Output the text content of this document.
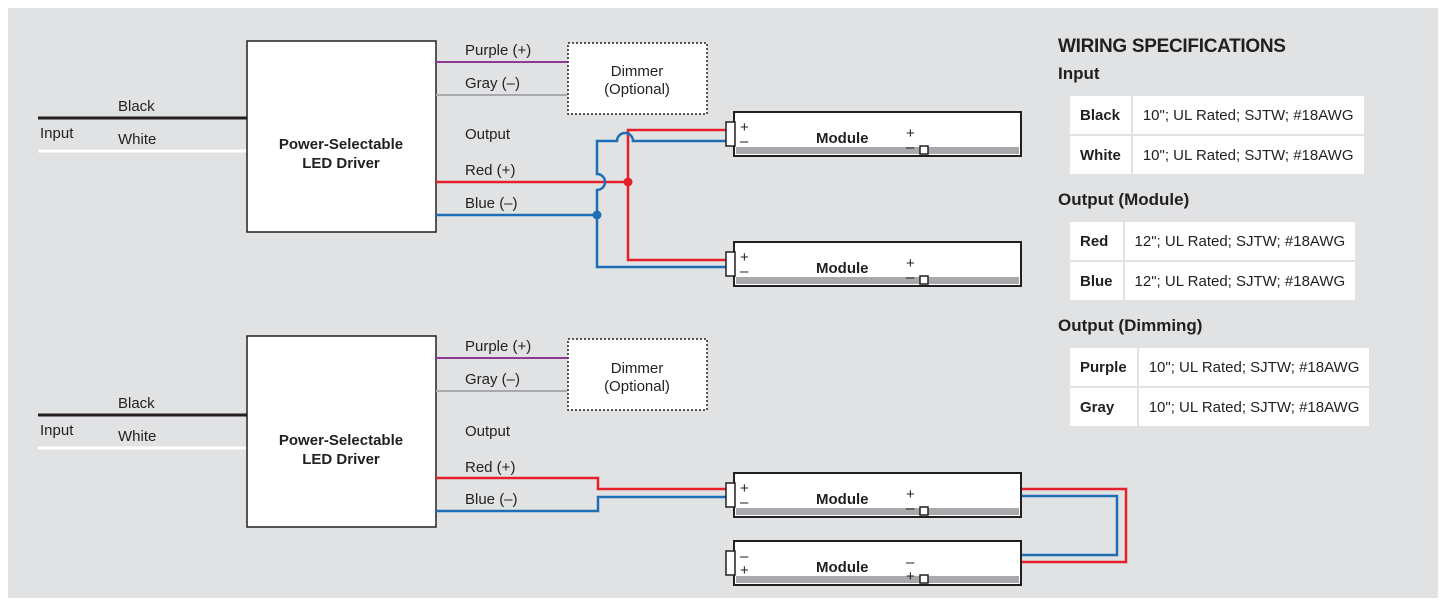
Black
Input	White	Power-Selectable
LED Driver
Purple (+)
Gray (–)
Dimmer
(Optional)
Output
Red (+)
Blue (–)
+
–	Module	+
–
+
–	Module	+
–
Black
Input	White	Power-Selectable
LED Driver
Purple (+)
Gray (–)
Dimmer
(Optional)
Output
Red (+)
Blue (–)
+
–	Module	+
–
–
+	Module	–
+
WIRING SPECIFICATIONS
Input
Black	10"; UL Rated; SJTW; #18AWG
White	10"; UL Rated; SJTW; #18AWG
Output (Module)
Red	12"; UL Rated; SJTW; #18AWG
Blue	12"; UL Rated; SJTW; #18AWG
Output (Dimming)
Purple	10"; UL Rated; SJTW; #18AWG
Gray	10"; UL Rated; SJTW; #18AWG
